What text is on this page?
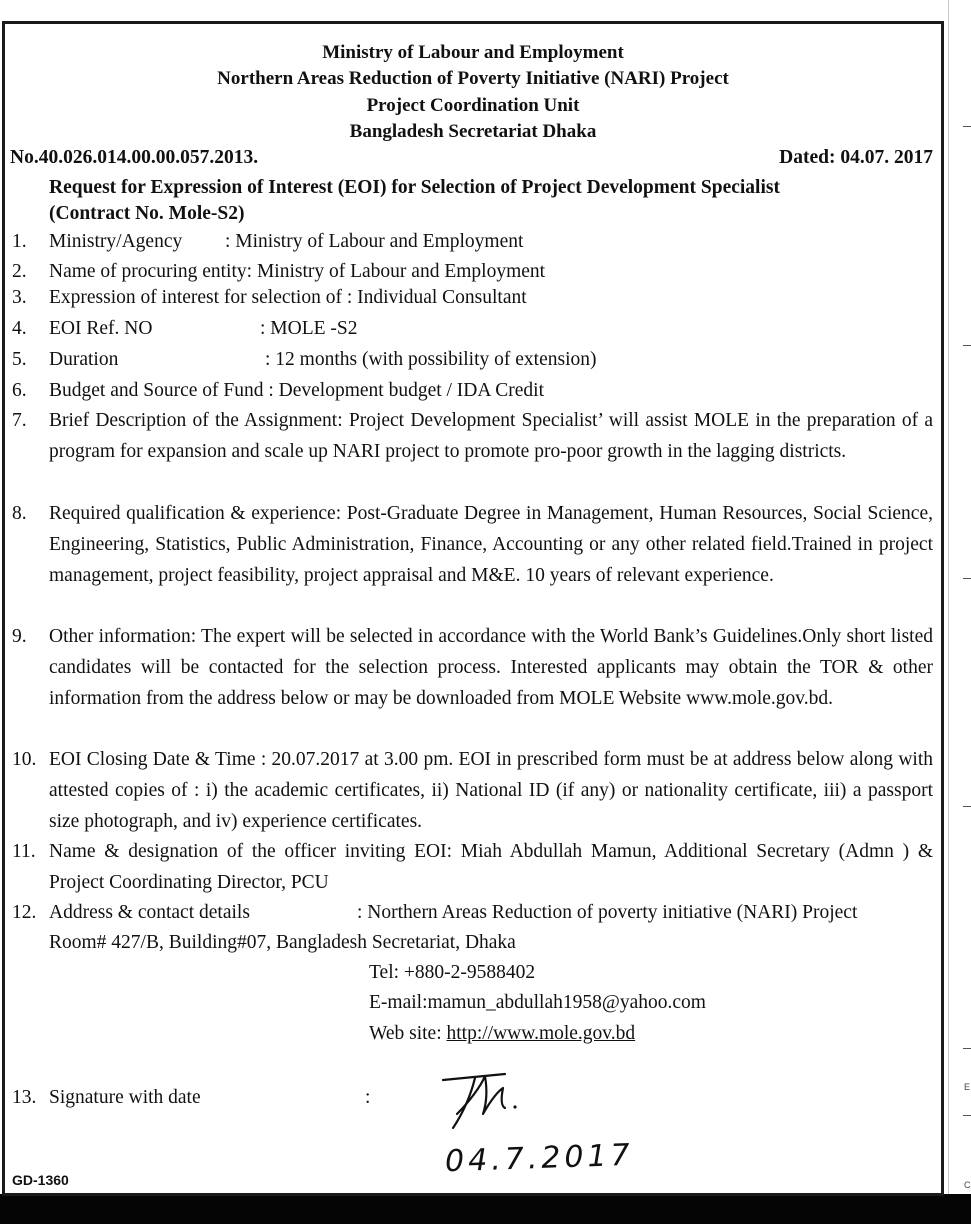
E
C
Ministry of Labour and Employment
Northern Areas Reduction of Poverty Initiative (NARI) Project
Project Coordination Unit
Bangladesh Secretariat Dhaka
No.40.026.014.00.00.057.2013.	Dated: 04.07. 2017
Request for Expression of Interest (EOI) for Selection of Project Development Specialist
(Contract No. Mole-S2)
1. Ministry/Agency : Ministry of Labour and Employment
2. Name of procuring entity: Ministry of Labour and Employment
3. Expression of interest for selection of : Individual Consultant
4. EOI Ref. NO	: MOLE -S2
5. Duration	: 12 months (with possibility of extension)
6. Budget and Source of Fund : Development budget / IDA Credit
7. Brief Description of the Assignment: Project Development Specialist’ will assist MOLE in the preparation of a program for expansion and scale up NARI project to promote pro-poor growth in the lagging districts.
8. Required qualification & experience: Post-Graduate Degree in Management, Human Resources, Social Science, Engineering, Statistics, Public Administration, Finance, Accounting or any other related field.Trained in project management, project feasibility, project appraisal and M&E. 10 years of relevant experience.
9. Other information: The expert will be selected in accordance with the World Bank’s Guidelines.Only short listed candidates will be contacted for the selection process. Interested applicants may obtain the TOR & other information from the address below or may be downloaded from MOLE Website www.mole.gov.bd.
10. EOI Closing Date & Time : 20.07.2017 at 3.00 pm. EOI in prescribed form must be at address below along with attested copies of : i) the academic certificates, ii) National ID (if any) or nationality certificate, iii) a passport size photograph, and iv) experience certificates.
11. Name & designation of the officer inviting EOI: Miah Abdullah Mamun, Additional Secretary (Admn ) & Project Coordinating Director, PCU
12. Address & contact details	: Northern Areas Reduction of poverty initiative (NARI) Project
Room# 427/B, Building#07, Bangladesh Secretariat, Dhaka
Tel: +880-2-9588402
E-mail:mamun_abdullah1958@yahoo.com
Web site: http://www.mole.gov.bd
13. Signature with date	:
04.7.2017
GD-1360
